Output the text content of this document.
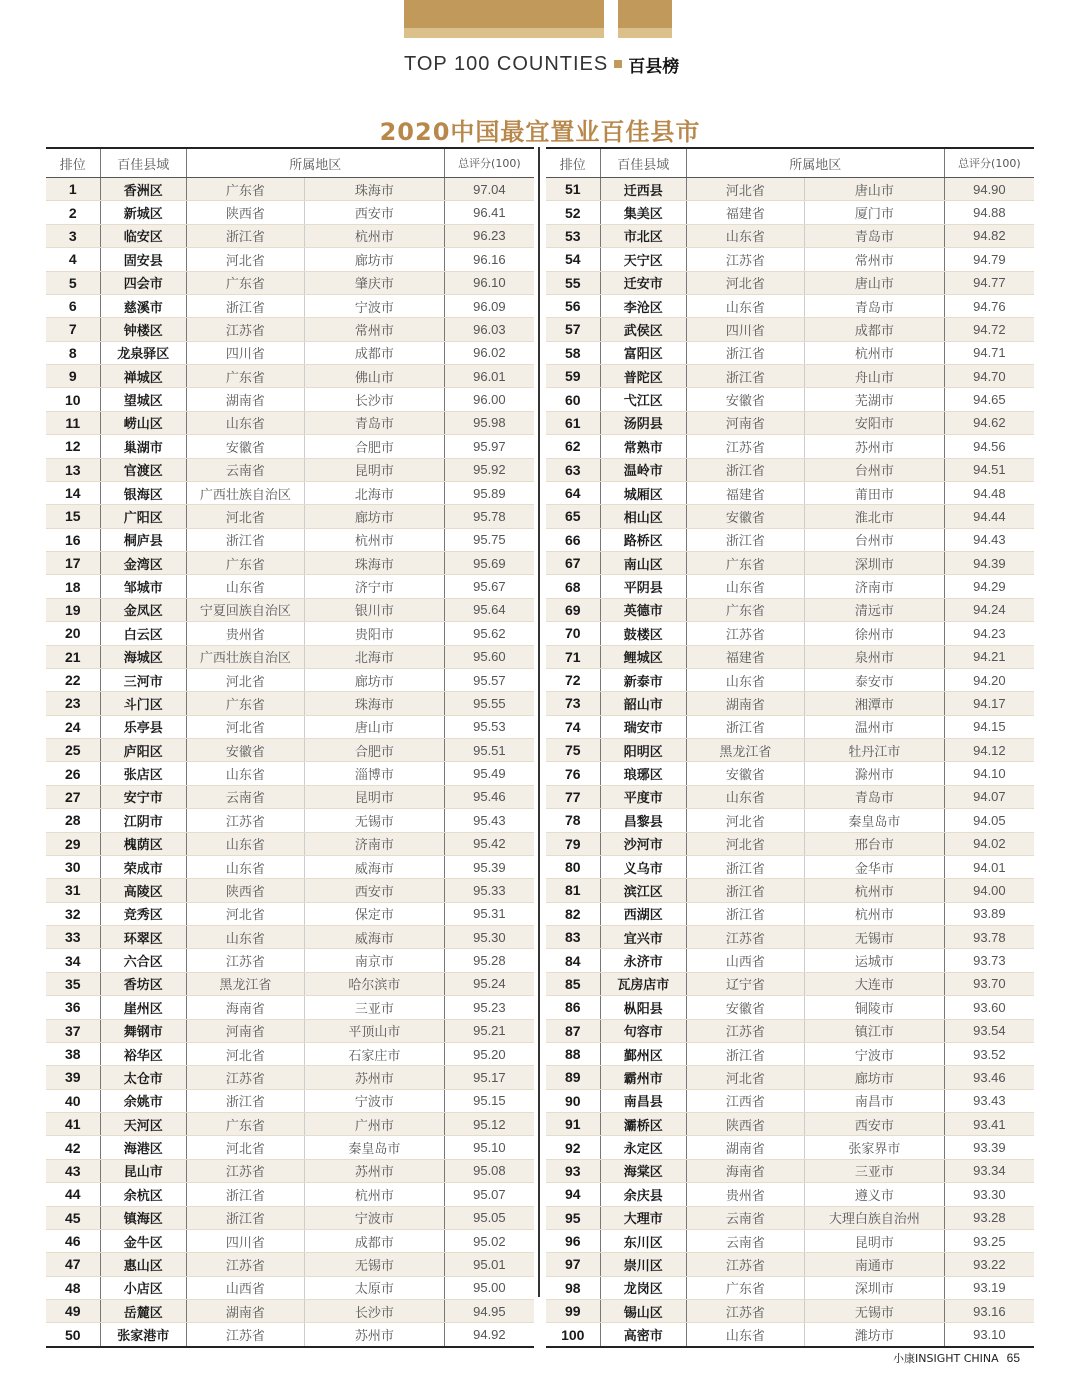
TOP 100 COUNTIES 百县榜
2020中国最宜置业百佳县市
排位	百佳县域	所属地区	总评分(100)
1	香洲区	广东省	珠海市	97.04
2	新城区	陕西省	西安市	96.41
3	临安区	浙江省	杭州市	96.23
4	固安县	河北省	廊坊市	96.16
5	四会市	广东省	肇庆市	96.10
6	慈溪市	浙江省	宁波市	96.09
7	钟楼区	江苏省	常州市	96.03
8	龙泉驿区	四川省	成都市	96.02
9	禅城区	广东省	佛山市	96.01
10	望城区	湖南省	长沙市	96.00
11	崂山区	山东省	青岛市	95.98
12	巢湖市	安徽省	合肥市	95.97
13	官渡区	云南省	昆明市	95.92
14	银海区	广西壮族自治区	北海市	95.89
15	广阳区	河北省	廊坊市	95.78
16	桐庐县	浙江省	杭州市	95.75
17	金湾区	广东省	珠海市	95.69
18	邹城市	山东省	济宁市	95.67
19	金凤区	宁夏回族自治区	银川市	95.64
20	白云区	贵州省	贵阳市	95.62
21	海城区	广西壮族自治区	北海市	95.60
22	三河市	河北省	廊坊市	95.57
23	斗门区	广东省	珠海市	95.55
24	乐亭县	河北省	唐山市	95.53
25	庐阳区	安徽省	合肥市	95.51
26	张店区	山东省	淄博市	95.49
27	安宁市	云南省	昆明市	95.46
28	江阴市	江苏省	无锡市	95.43
29	槐荫区	山东省	济南市	95.42
30	荣成市	山东省	威海市	95.39
31	高陵区	陕西省	西安市	95.33
32	竞秀区	河北省	保定市	95.31
33	环翠区	山东省	威海市	95.30
34	六合区	江苏省	南京市	95.28
35	香坊区	黑龙江省	哈尔滨市	95.24
36	崖州区	海南省	三亚市	95.23
37	舞钢市	河南省	平顶山市	95.21
38	裕华区	河北省	石家庄市	95.20
39	太仓市	江苏省	苏州市	95.17
40	余姚市	浙江省	宁波市	95.15
41	天河区	广东省	广州市	95.12
42	海港区	河北省	秦皇岛市	95.10
43	昆山市	江苏省	苏州市	95.08
44	余杭区	浙江省	杭州市	95.07
45	镇海区	浙江省	宁波市	95.05
46	金牛区	四川省	成都市	95.02
47	惠山区	江苏省	无锡市	95.01
48	小店区	山西省	太原市	95.00
49	岳麓区	湖南省	长沙市	94.95
50	张家港市	江苏省	苏州市	94.92
排位	百佳县域	所属地区	总评分(100)
51	迁西县	河北省	唐山市	94.90
52	集美区	福建省	厦门市	94.88
53	市北区	山东省	青岛市	94.82
54	天宁区	江苏省	常州市	94.79
55	迁安市	河北省	唐山市	94.77
56	李沧区	山东省	青岛市	94.76
57	武侯区	四川省	成都市	94.72
58	富阳区	浙江省	杭州市	94.71
59	普陀区	浙江省	舟山市	94.70
60	弋江区	安徽省	芜湖市	94.65
61	汤阴县	河南省	安阳市	94.62
62	常熟市	江苏省	苏州市	94.56
63	温岭市	浙江省	台州市	94.51
64	城厢区	福建省	莆田市	94.48
65	相山区	安徽省	淮北市	94.44
66	路桥区	浙江省	台州市	94.43
67	南山区	广东省	深圳市	94.39
68	平阴县	山东省	济南市	94.29
69	英德市	广东省	清远市	94.24
70	鼓楼区	江苏省	徐州市	94.23
71	鲤城区	福建省	泉州市	94.21
72	新泰市	山东省	泰安市	94.20
73	韶山市	湖南省	湘潭市	94.17
74	瑞安市	浙江省	温州市	94.15
75	阳明区	黑龙江省	牡丹江市	94.12
76	琅琊区	安徽省	滁州市	94.10
77	平度市	山东省	青岛市	94.07
78	昌黎县	河北省	秦皇岛市	94.05
79	沙河市	河北省	邢台市	94.02
80	义乌市	浙江省	金华市	94.01
81	滨江区	浙江省	杭州市	94.00
82	西湖区	浙江省	杭州市	93.89
83	宜兴市	江苏省	无锡市	93.78
84	永济市	山西省	运城市	93.73
85	瓦房店市	辽宁省	大连市	93.70
86	枞阳县	安徽省	铜陵市	93.60
87	句容市	江苏省	镇江市	93.54
88	鄞州区	浙江省	宁波市	93.52
89	霸州市	河北省	廊坊市	93.46
90	南昌县	江西省	南昌市	93.43
91	灞桥区	陕西省	西安市	93.41
92	永定区	湖南省	张家界市	93.39
93	海棠区	海南省	三亚市	93.34
94	余庆县	贵州省	遵义市	93.30
95	大理市	云南省	大理白族自治州	93.28
96	东川区	云南省	昆明市	93.25
97	崇川区	江苏省	南通市	93.22
98	龙岗区	广东省	深圳市	93.19
99	锡山区	江苏省	无锡市	93.16
100	高密市	山东省	潍坊市	93.10
小康INSIGHT CHINA 65
